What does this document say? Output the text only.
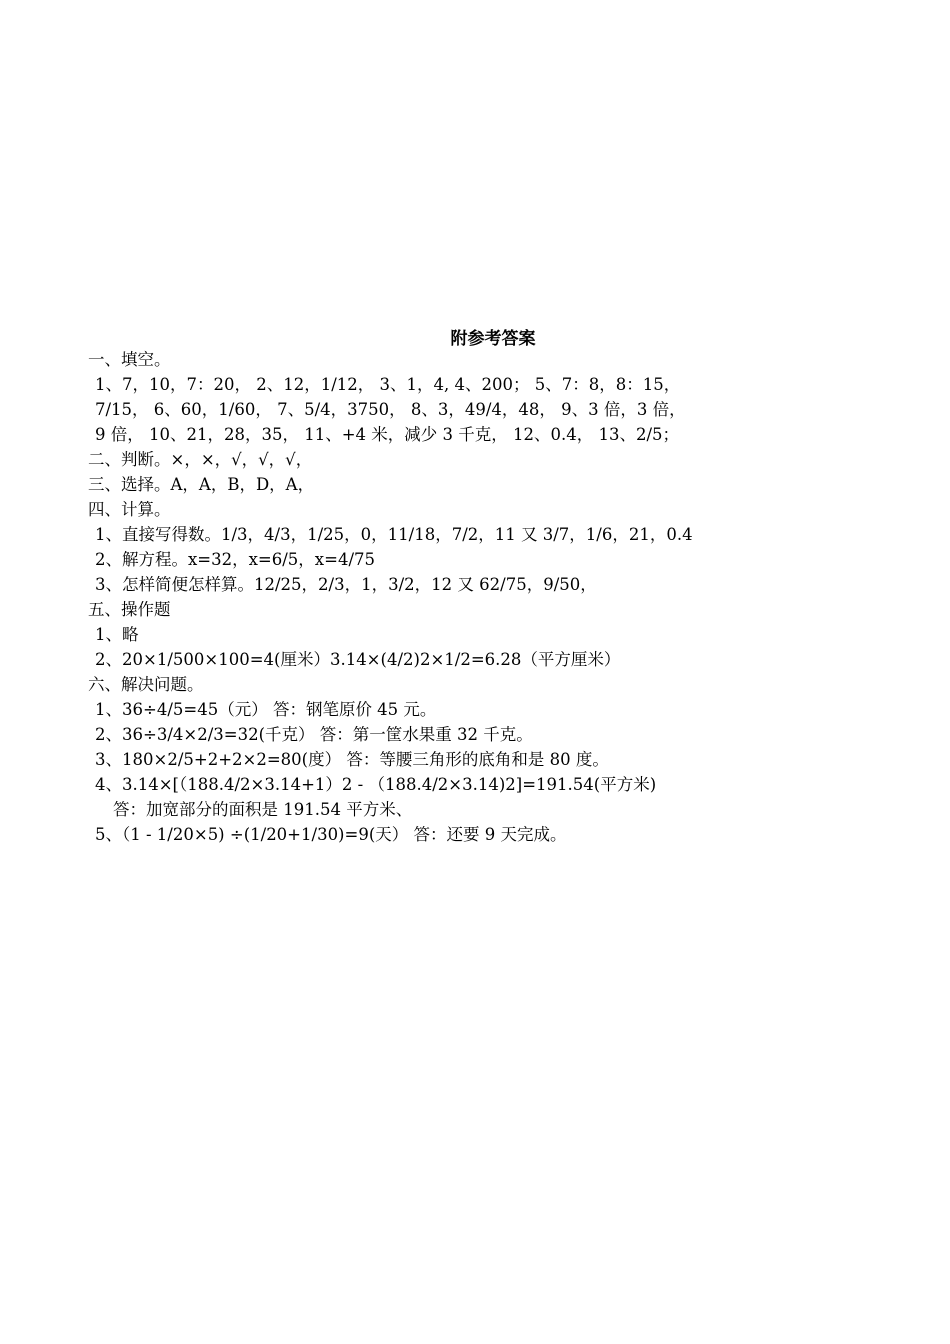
附参考答案
一、填空。
1、7，10，7：20， 2、12，1/12， 3、1，4, 4、200； 5、7：8，8：15，
7/15， 6、60，1/60， 7、5/4，3750， 8、3，49/4，48， 9、3 倍，3 倍，
9 倍， 10、21，28，35， 11、+4 米，减少 3 千克， 12、0.4， 13、2/5；
二、判断。×，×，√，√，√，
三、选择。A，A，B，D，A，
四、计算。
1、直接写得数。1/3，4/3，1/25，0，11/18，7/2，11 又 3/7，1/6，21，0.4
2、解方程。x=32，x=6/5，x=4/75
3、怎样简便怎样算。12/25，2/3，1，3/2，12 又 62/75，9/50，
五、操作题
1、略
2、20×1/500×100=4(厘米）3.14×(4/2)2×1/2=6.28（平方厘米）
六、解决问题。
1、36÷4/5=45（元） 答：钢笔原价 45 元。
2、36÷3/4×2/3=32(千克） 答：第一筐水果重 32 千克。
3、180×2/5+2+2×2=80(度） 答：等腰三角形的底角和是 80 度。
4、3.14×[（188.4/2×3.14+1）2 - （188.4/2×3.14)2]=191.54(平方米)
答：加宽部分的面积是 191.54 平方米、
5、（1 - 1/20×5) ÷(1/20+1/30)=9(天） 答：还要 9 天完成。
